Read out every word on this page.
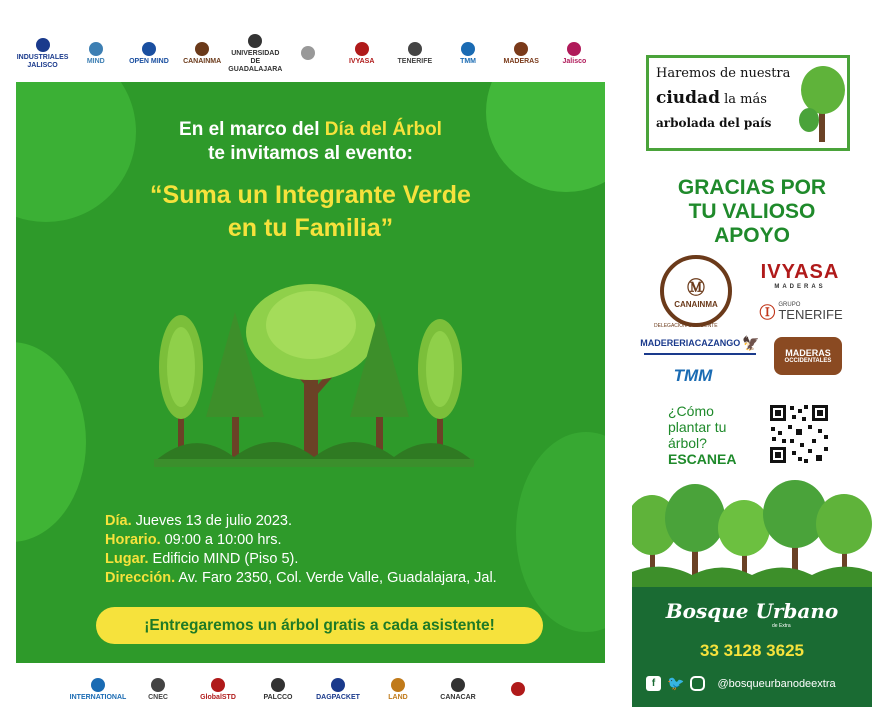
INDUSTRIALES JALISCO
MIND	OPEN MIND CANAINMA
UNIVERSIDAD DE GUADALAJARA
IVYASA	TENERIFE	TMM	MADERAS	Jalisco
En el marco del Día del Árbol
te invitamos al evento:
“Suma un Integrante Verde
en tu Familia”
Día. Jueves 13 de julio 2023.
Horario. 09:00 a 10:00 hrs.
Lugar. Edificio MIND (Piso 5).
Dirección. Av. Faro 2350, Col. Verde Valle, Guadalajara, Jal.
¡Entregaremos un árbol gratis a cada asistente!
INTERNATIONAL	CNEC	GlobalSTD	PALCCO	DAGPACKET	LAND	CANACAR
Haremos de nuestra
ciudad la más
arbolada del país
GRACIAS POR
TU VALIOSO
APOYO
Ⓜ
CANAINMA
DELEGACIÓN OCCIDENTE
IVYASA
MADERAS
Ⓘ GRUPO
TENERIFE
MADERERIACAZANGO 🦅
MADERAS
OCCIDENTALES
TMM
¿Cómo
plantar tu
árbol?
ESCANEA
Bosque Urbano
de Extra
33 3128 3625
f 🐦	@bosqueurbanodeextra
